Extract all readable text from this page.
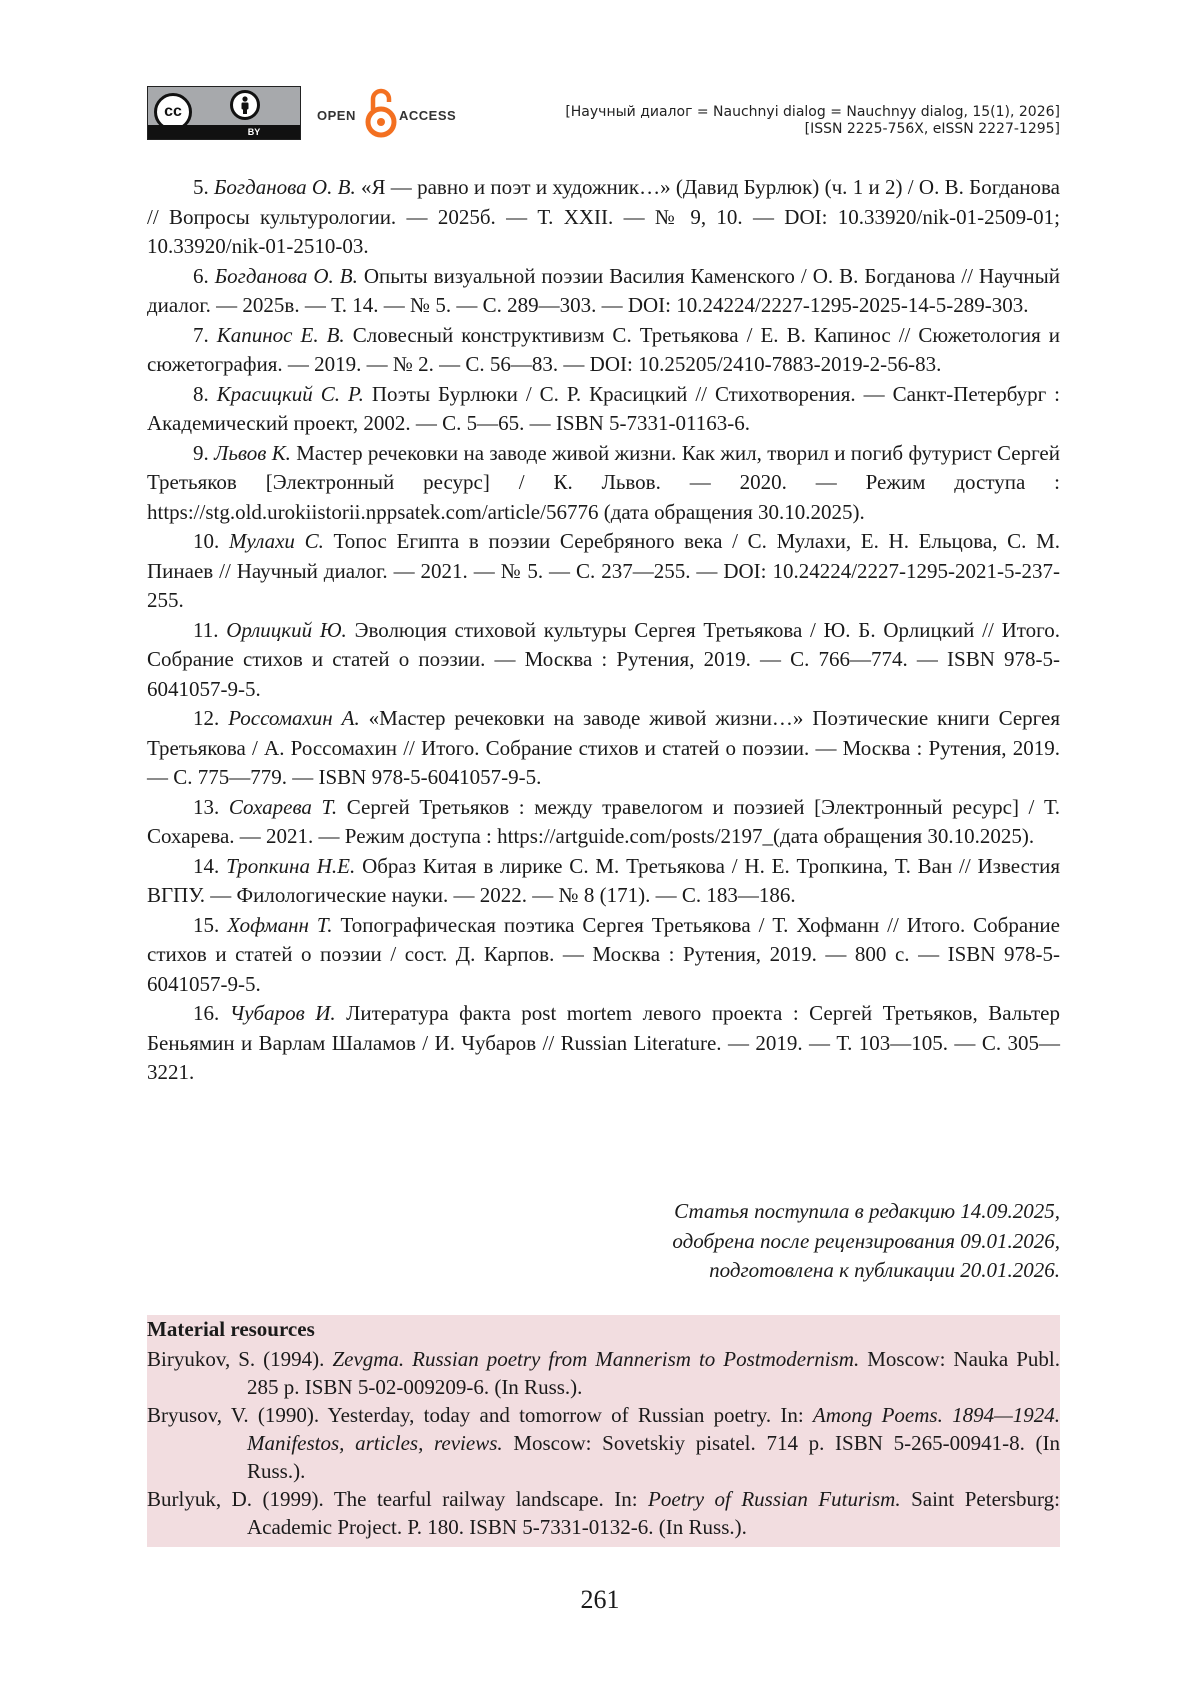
cc
BY
OPEN	ACCESS	[Научный диалог = Nauchnyi dialog = Nauchnyy dialog, 15(1), 2026]
[ISSN 2225-756X, eISSN 2227-1295]

5. Богданова О. В. «Я — равно и поэт и художник…» (Давид Бурлюк) (ч. 1 и 2) / О. В. Богданова // Вопросы культурологии. — 2025б. — Т. XXII. — № 9, 10. — DOI: 10.33920/nik-01-2509-01; 10.33920/nik-01-2510-03.

6. Богданова О. В. Опыты визуальной поэзии Василия Каменского / О. В. Богданова // Научный диалог. — 2025в. — Т. 14. — № 5. — С. 289—303. — DOI: 10.24224/2227-1295-2025-14-5-289-303.

7. Капинос Е. В. Словесный конструктивизм С. Третьякова / Е. В. Капинос // Сюжетология и сюжетография. — 2019. — № 2. — С. 56—83. — DOI: 10.25205/2410-7883-2019-2-56-83.

8. Красицкий С. Р. Поэты Бурлюки / С. Р. Красицкий // Стихотворения. — Санкт-Петербург : Академический проект, 2002. — С. 5—65. — ISBN 5-7331-01163-6.

9. Львов К. Мастер речековки на заводе живой жизни. Как жил, творил и погиб футурист Сергей Третьяков [Электронный ресурс] / К. Львов. — 2020. — Режим доступа : https://stg.old.urokiistorii.nppsatek.com/article/56776 (дата обращения 30.10.2025).

10. Мулахи С. Топос Египта в поэзии Серебряного века / С. Мулахи, Е. Н. Ельцова, С. М. Пинаев // Научный диалог. — 2021. — № 5. — С. 237—255. — DOI: 10.24224/2227-1295-2021-5-237-255.

11. Орлицкий Ю. Эволюция стиховой культуры Сергея Третьякова / Ю. Б. Орлицкий // Итого. Собрание стихов и статей о поэзии. — Москва : Рутения, 2019. — С. 766—774. — ISBN 978-5-6041057-9-5.

12. Россомахин А. «Мастер речековки на заводе живой жизни…» Поэтические книги Сергея Третьякова / А. Россомахин // Итого. Собрание стихов и статей о поэзии. — Москва : Рутения, 2019. — С. 775—779. — ISBN 978-5-6041057-9-5.

13. Сохарева Т. Сергей Третьяков : между травелогом и поэзией [Электронный ресурс] / Т. Сохарева. — 2021. — Режим доступа : https://artguide.com/posts/2197_(дата обращения 30.10.2025).

14. Тропкина Н.Е. Образ Китая в лирике С. М. Третьякова / Н. Е. Тропкина, Т. Ван // Известия ВГПУ. — Филологические науки. — 2022. — № 8 (171). — С. 183—186.

15. Хофманн Т. Топографическая поэтика Сергея Третьякова / Т. Хофманн // Итого. Собрание стихов и статей о поэзии / сост. Д. Карпов. — Москва : Рутения, 2019. — 800 с. — ISBN 978-5-6041057-9-5.

16. Чубаров И. Литература факта post mortem левого проекта : Сергей Третьяков, Вальтер Беньямин и Варлам Шаламов / И. Чубаров // Russian Literature. — 2019. — Т. 103—105. — С. 305—3221.

Статья поступила в редакцию 14.09.2025,
одобрена после рецензирования 09.01.2026,
подготовлена к публикации 20.01.2026.
Material resources

Biryukov, S. (1994). Zevgma. Russian poetry from Mannerism to Postmodernism. Moscow: Nauka Publ. 285 p. ISBN 5-02-009209-6. (In Russ.).

Bryusov, V. (1990). Yesterday, today and tomorrow of Russian poetry. In: Among Poems. 1894—1924. Manifestos, articles, reviews. Moscow: Sovetskiy pisatel. 714 p. ISBN 5-265-00941-8. (In Russ.).

Burlyuk, D. (1999). The tearful railway landscape. In: Poetry of Russian Futurism. Saint Petersburg: Academic Project. P. 180. ISBN 5-7331-0132-6. (In Russ.).

261
